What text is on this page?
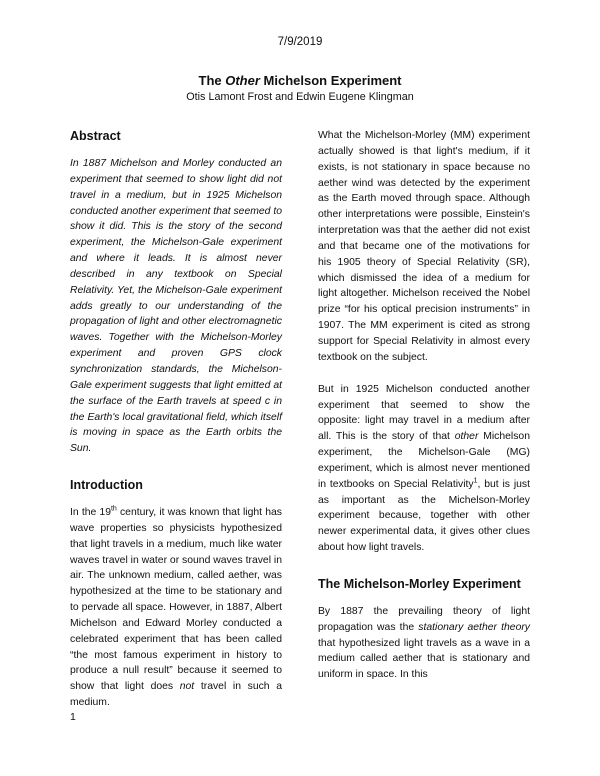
7/9/2019
The Other Michelson Experiment
Otis Lamont Frost and Edwin Eugene Klingman
Abstract

In 1887 Michelson and Morley conducted an experiment that seemed to show light did not travel in a medium, but in 1925 Michelson conducted another experiment that seemed to show it did. This is the story of the second experiment, the Michelson-Gale experiment and where it leads. It is almost never described in any textbook on Special Relativity. Yet, the Michelson-Gale experiment adds greatly to our understanding of the propagation of light and other electromagnetic waves. Together with the Michelson-Morley experiment and proven GPS clock synchronization standards, the Michelson-Gale experiment suggests that light emitted at the surface of the Earth travels at speed c in the Earth's local gravitational field, which itself is moving in space as the Earth orbits the Sun.

Introduction

In the 19th century, it was known that light has wave properties so physicists hypothesized that light travels in a medium, much like water waves travel in water or sound waves travel in air. The unknown medium, called aether, was hypothesized at the time to be stationary and to pervade all space. However, in 1887, Albert Michelson and Edward Morley conducted a celebrated experiment that has been called “the most famous experiment in history to produce a null result” because it seemed to show that light does not travel in such a medium.

What the Michelson-Morley (MM) experiment actually showed is that light's medium, if it exists, is not stationary in space because no aether wind was detected by the experiment as the Earth moved through space. Although other interpretations were possible, Einstein's interpretation was that the aether did not exist and that became one of the motivations for his 1905 theory of Special Relativity (SR), which dismissed the idea of a medium for light altogether. Michelson received the Nobel prize “for his optical precision instruments” in 1907. The MM experiment is cited as strong support for Special Relativity in almost every textbook on the subject.

But in 1925 Michelson conducted another experiment that seemed to show the opposite: light may travel in a medium after all. This is the story of that other Michelson experiment, the Michelson-Gale (MG) experiment, which is almost never mentioned in textbooks on Special Relativity$^1$, but is just as important as the Michelson-Morley experiment because, together with other newer experimental data, it gives other clues about how light travels.

The Michelson-Morley Experiment

By 1887 the prevailing theory of light propagation was the stationary aether theory that hypothesized light travels as a wave in a medium called aether that is stationary and uniform in space. In this

1
